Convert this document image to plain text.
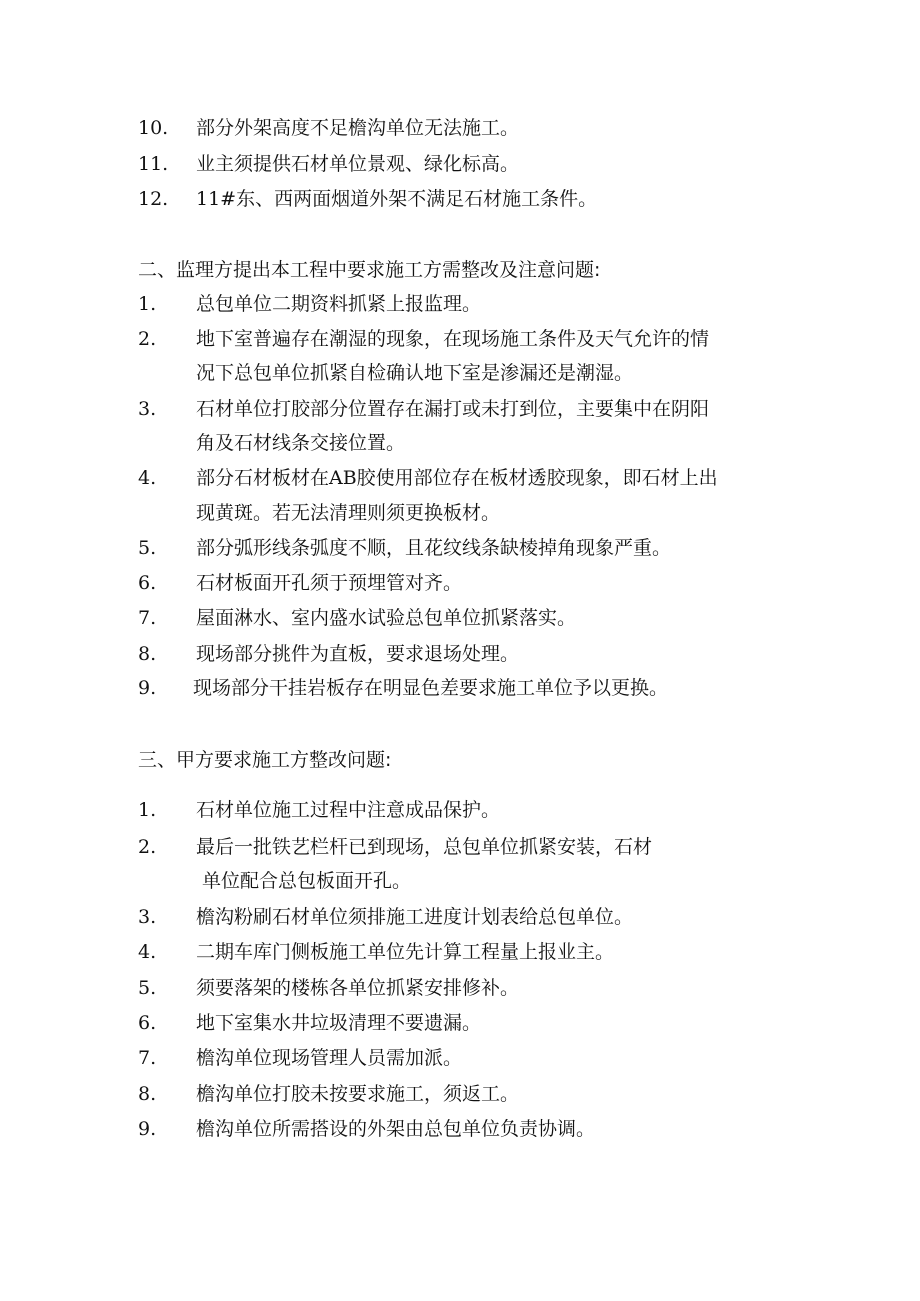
10. 部分外架高度不足檐沟单位无法施工。
11. 业主须提供石材单位景观、绿化标高。
12. 11#东、西两面烟道外架不满足石材施工条件。
二、监理方提出本工程中要求施工方需整改及注意问题:
1. 总包单位二期资料抓紧上报监理。
2. 地下室普遍存在潮湿的现象，在现场施工条件及天气允许的情
况下总包单位抓紧自检确认地下室是渗漏还是潮湿。
3. 石材单位打胶部分位置存在漏打或未打到位，主要集中在阴阳
角及石材线条交接位置。
4. 部分石材板材在AB胶使用部位存在板材透胶现象，即石材上出
现黄斑。若无法清理则须更换板材。
5. 部分弧形线条弧度不顺，且花纹线条缺棱掉角现象严重。
6. 石材板面开孔须于预埋管对齐。
7. 屋面淋水、室内盛水试验总包单位抓紧落实。
8. 现场部分挑件为直板，要求退场处理。
9. 现场部分干挂岩板存在明显色差要求施工单位予以更换。
三、甲方要求施工方整改问题:
1. 石材单位施工过程中注意成品保护。
2. 最后一批铁艺栏杆已到现场，总包单位抓紧安装，石材
单位配合总包板面开孔。
3. 檐沟粉刷石材单位须排施工进度计划表给总包单位。
4. 二期车库门侧板施工单位先计算工程量上报业主。
5. 须要落架的楼栋各单位抓紧安排修补。
6. 地下室集水井垃圾清理不要遗漏。
7. 檐沟单位现场管理人员需加派。
8. 檐沟单位打胶未按要求施工，须返工。
9. 檐沟单位所需搭设的外架由总包单位负责协调。
